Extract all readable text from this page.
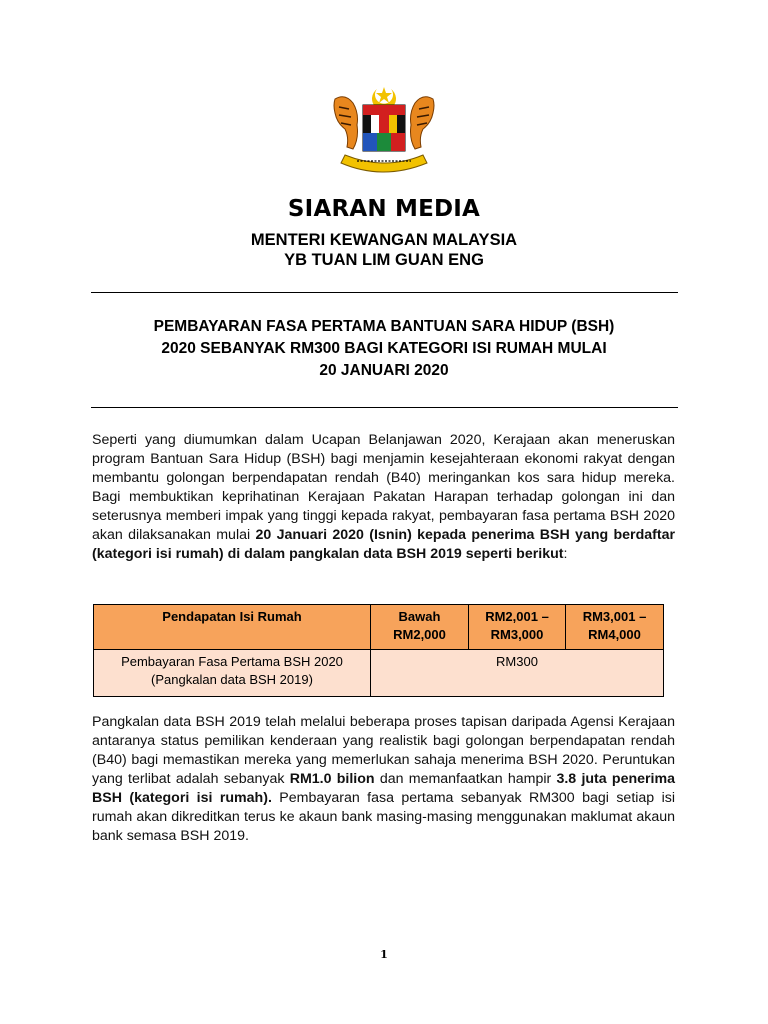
SIARAN MEDIA
MENTERI KEWANGAN MALAYSIA
YB TUAN LIM GUAN ENG
PEMBAYARAN FASA PERTAMA BANTUAN SARA HIDUP (BSH)
2020 SEBANYAK RM300 BAGI KATEGORI ISI RUMAH MULAI
20 JANUARI 2020
Seperti yang diumumkan dalam Ucapan Belanjawan 2020, Kerajaan akan meneruskan program Bantuan Sara Hidup (BSH) bagi menjamin kesejahteraan ekonomi rakyat dengan membantu golongan berpendapatan rendah (B40) meringankan kos sara hidup mereka. Bagi membuktikan keprihatinan Kerajaan Pakatan Harapan terhadap golongan ini dan seterusnya memberi impak yang tinggi kepada rakyat, pembayaran fasa pertama BSH 2020 akan dilaksanakan mulai 20 Januari 2020 (Isnin) kepada penerima BSH yang berdaftar (kategori isi rumah) di dalam pangkalan data BSH 2019 seperti berikut:
Pendapatan Isi Rumah	Bawah RM2,000	RM2,001 – RM3,000	RM3,001 – RM4,000
Pembayaran Fasa Pertama BSH 2020 (Pangkalan data BSH 2019)	RM300		
Pangkalan data BSH 2019 telah melalui beberapa proses tapisan daripada Agensi Kerajaan antaranya status pemilikan kenderaan yang realistik bagi golongan berpendapatan rendah (B40) bagi memastikan mereka yang memerlukan sahaja menerima BSH 2020. Peruntukan yang terlibat adalah sebanyak RM1.0 bilion dan memanfaatkan hampir 3.8 juta penerima BSH (kategori isi rumah). Pembayaran fasa pertama sebanyak RM300 bagi setiap isi rumah akan dikreditkan terus ke akaun bank masing-masing menggunakan maklumat akaun bank semasa BSH 2019.
1
